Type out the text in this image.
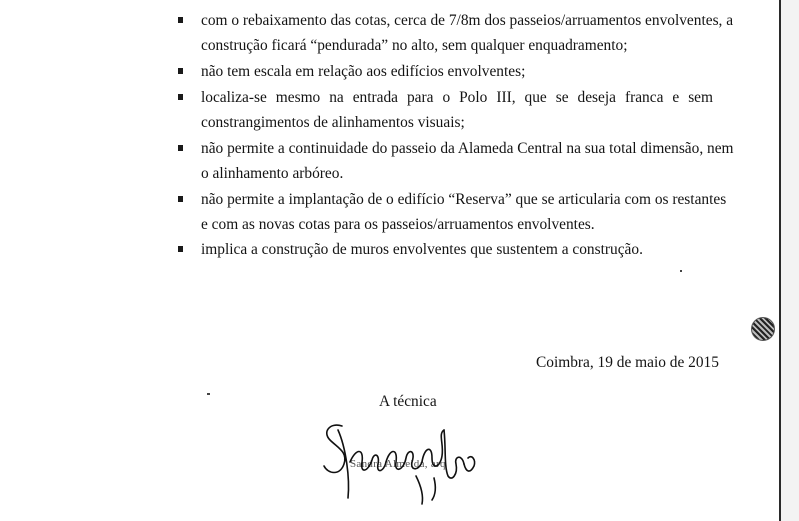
com o rebaixamento das cotas, cerca de 7/8m dos passeios/arruamentos envolventes, a
construção ficará “pendurada” no alto, sem qualquer enquadramento;
não tem escala em relação aos edifícios envolventes;
localiza-se mesmo na entrada para o Polo III, que se deseja franca e sem
constrangimentos de alinhamentos visuais;
não permite a continuidade do passeio da Alameda Central na sua total dimensão, nem
o alinhamento arbóreo.
não permite a implantação de o edifício “Reserva” que se articularia com os restantes
e com as novas cotas para os passeios/arruamentos envolventes.
implica a construção de muros envolventes que sustentem a construção.
Coimbra, 19 de maio de 2015
A técnica
Sandra Almeida, arq
